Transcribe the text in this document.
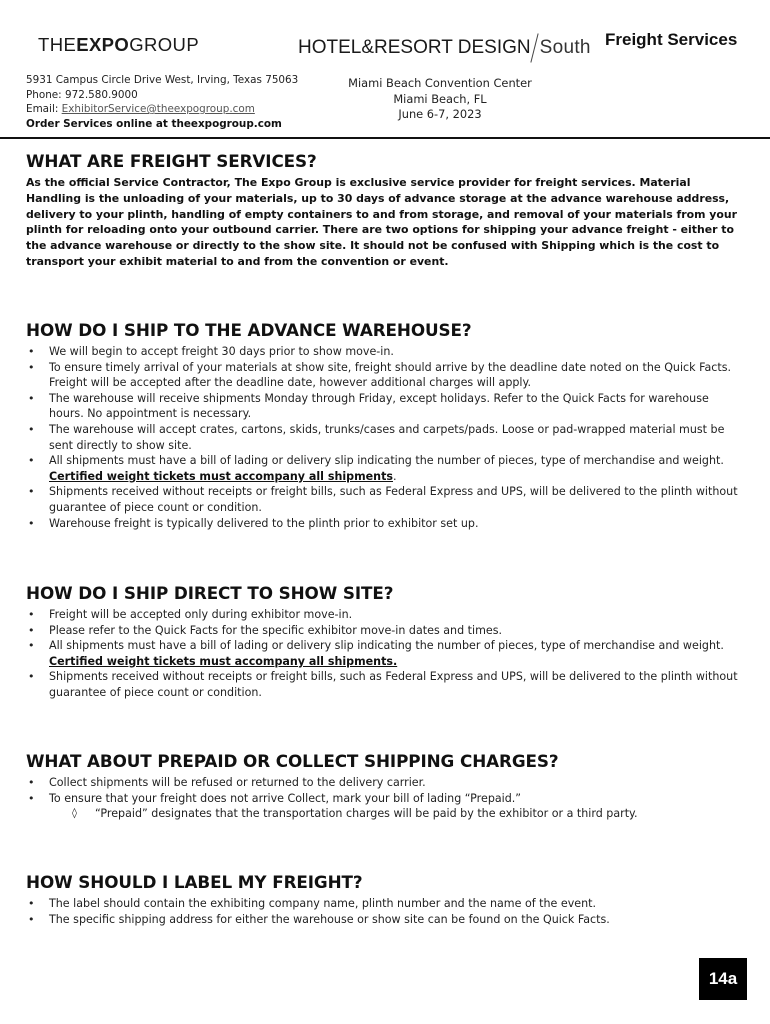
THEEXPOGROUP	HOTEL&RESORT DESIGN South Freight Services
5931 Campus Circle Drive West, Irving, Texas 75063
Phone: 972.580.9000
Email: ExhibitorService@theexpogroup.com
Order Services online at theexpogroup.com
Miami Beach Convention Center
Miami Beach, FL
June 6-7, 2023
WHAT ARE FREIGHT SERVICES?
As the official Service Contractor, The Expo Group is exclusive service provider for freight services. Material Handling is the unloading of your materials, up to 30 days of advance storage at the advance warehouse address, delivery to your plinth, handling of empty containers to and from storage, and removal of your materials from your plinth for reloading onto your outbound carrier. There are two options for shipping your advance freight - either to the advance warehouse or directly to the show site. It should not be confused with Shipping which is the cost to transport your exhibit material to and from the convention or event.
HOW DO I SHIP TO THE ADVANCE WAREHOUSE?
• We will begin to accept freight 30 days prior to show move-in.
• To ensure timely arrival of your materials at show site, freight should arrive by the deadline date noted on the Quick Facts. Freight will be accepted after the deadline date, however additional charges will apply.
• The warehouse will receive shipments Monday through Friday, except holidays. Refer to the Quick Facts for warehouse hours. No appointment is necessary.
• The warehouse will accept crates, cartons, skids, trunks/cases and carpets/pads. Loose or pad-wrapped material must be sent directly to show site.
• All shipments must have a bill of lading or delivery slip indicating the number of pieces, type of merchandise and weight. Certified weight tickets must accompany all shipments.
• Shipments received without receipts or freight bills, such as Federal Express and UPS, will be delivered to the plinth without guarantee of piece count or condition.
• Warehouse freight is typically delivered to the plinth prior to exhibitor set up.
HOW DO I SHIP DIRECT TO SHOW SITE?
• Freight will be accepted only during exhibitor move-in.
• Please refer to the Quick Facts for the specific exhibitor move-in dates and times.
• All shipments must have a bill of lading or delivery slip indicating the number of pieces, type of merchandise and weight. Certified weight tickets must accompany all shipments.
• Shipments received without receipts or freight bills, such as Federal Express and UPS, will be delivered to the plinth without guarantee of piece count or condition.
WHAT ABOUT PREPAID OR COLLECT SHIPPING CHARGES?
• Collect shipments will be refused or returned to the delivery carrier.
• To ensure that your freight does not arrive Collect, mark your bill of lading “Prepaid.”
◊ “Prepaid” designates that the transportation charges will be paid by the exhibitor or a third party.
HOW SHOULD I LABEL MY FREIGHT?
• The label should contain the exhibiting company name, plinth number and the name of the event.
• The specific shipping address for either the warehouse or show site can be found on the Quick Facts.
14a
